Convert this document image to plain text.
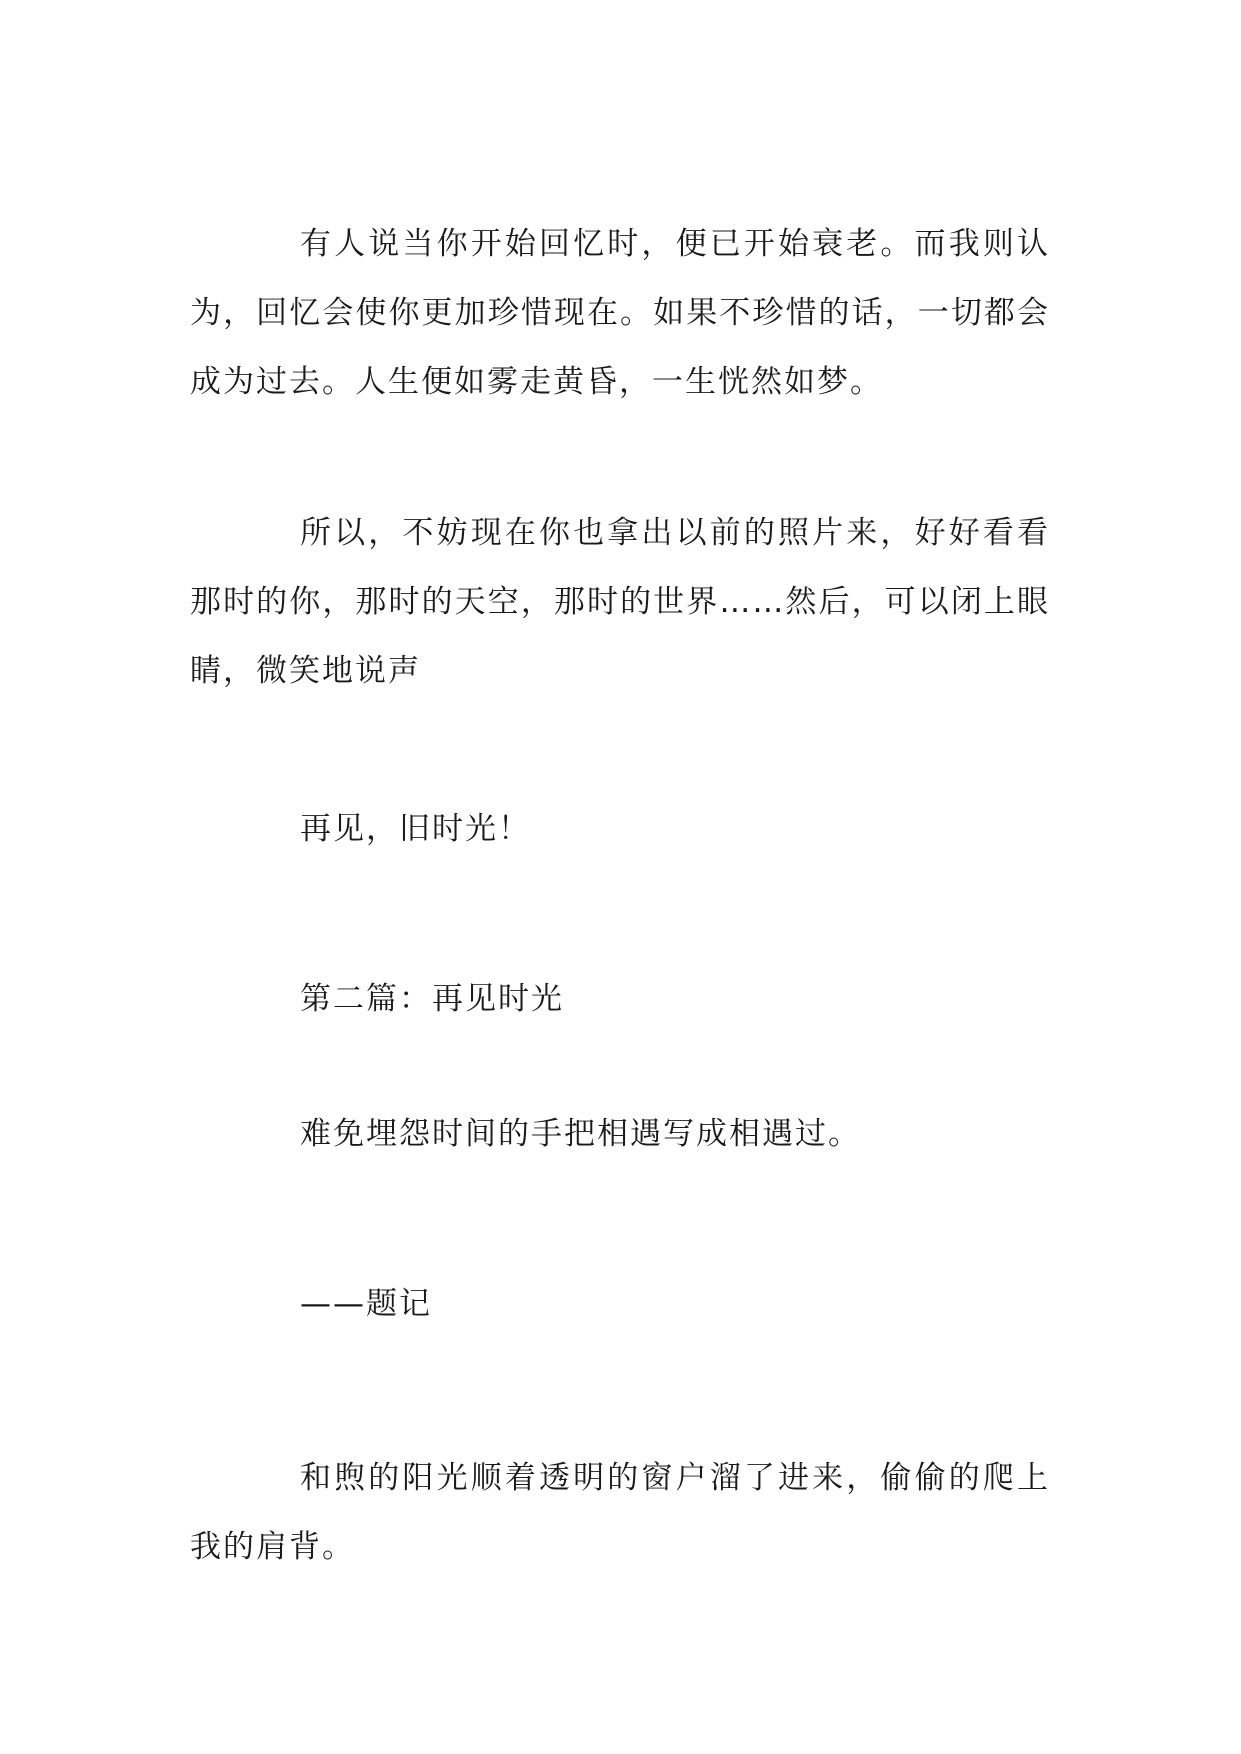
有人说当你开始回忆时，便已开始衰老。而我则认为，回忆会使你更加珍惜现在。如果不珍惜的话，一切都会成为过去。人生便如雾走黄昏，一生恍然如梦。

所以，不妨现在你也拿出以前的照片来，好好看看那时的你，那时的天空，那时的世界……然后，可以闭上眼睛，微笑地说声

再见，旧时光！

第二篇：再见时光

难免埋怨时间的手把相遇写成相遇过。

——题记

和煦的阳光顺着透明的窗户溜了进来，偷偷的爬上我的肩背。
